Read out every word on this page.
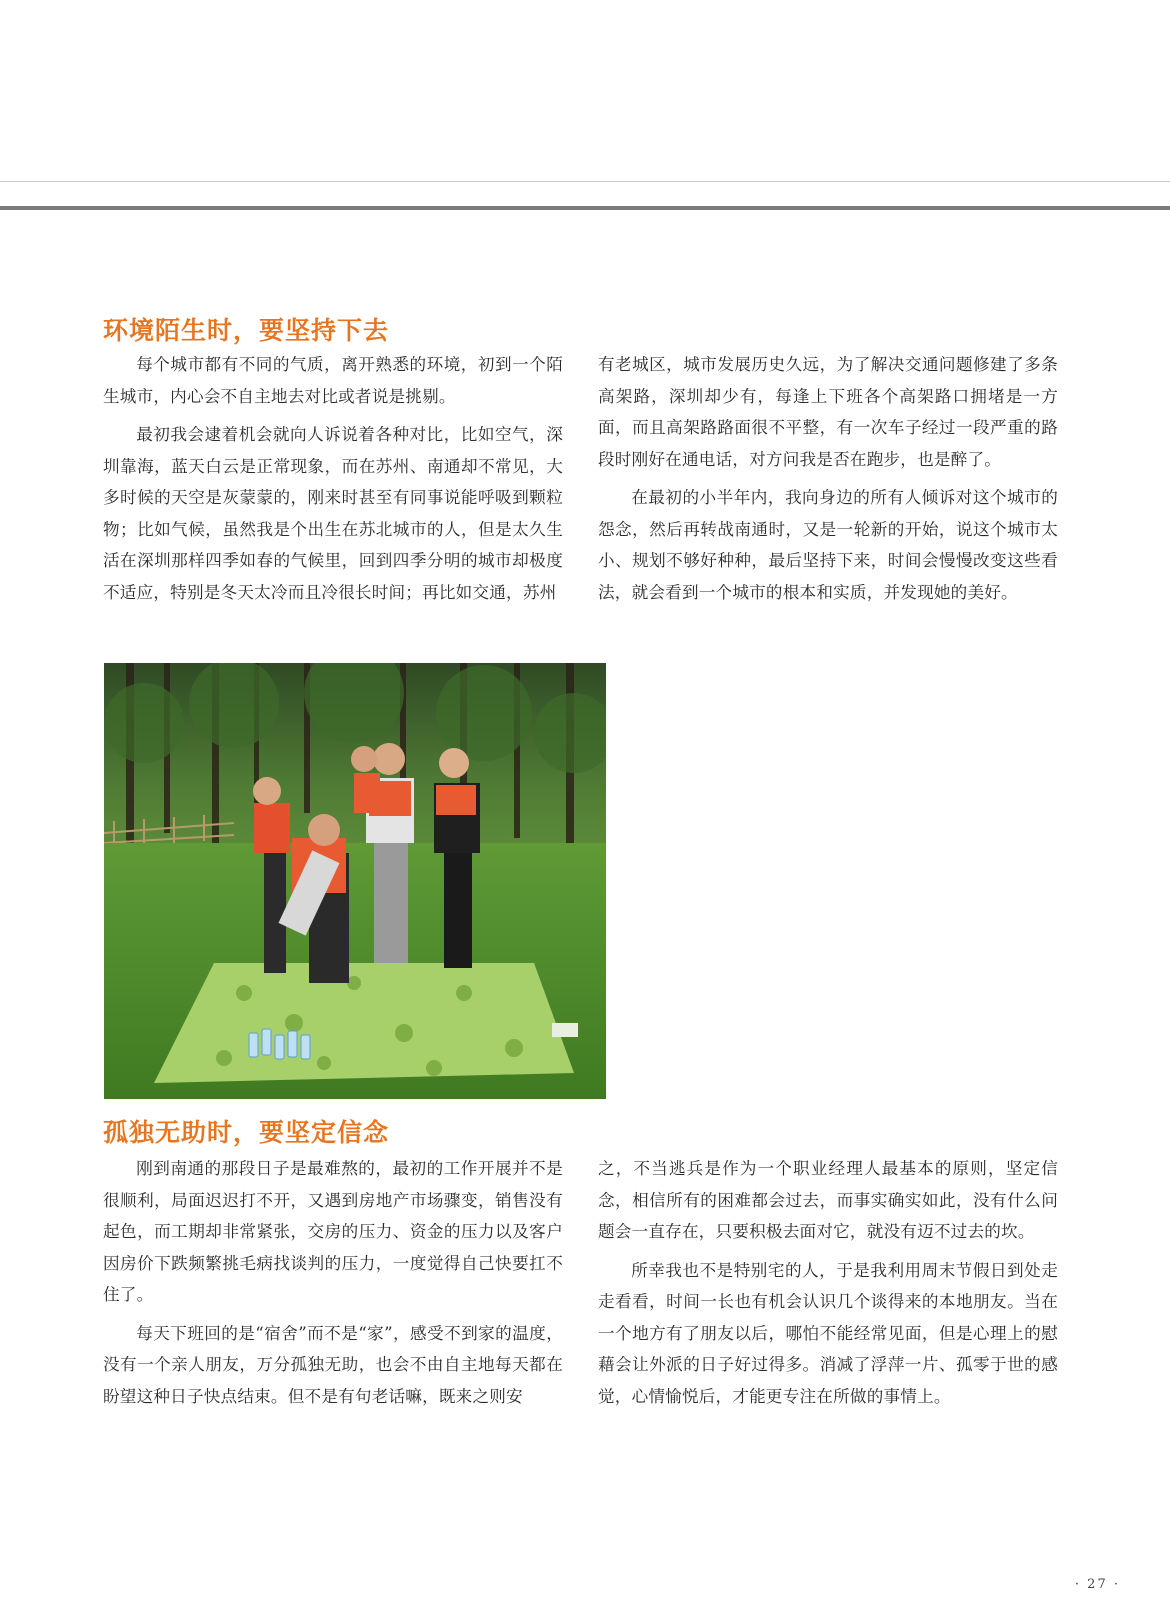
环境陌生时，要坚持下去

每个城市都有不同的气质，离开熟悉的环境，初到一个陌生城市，内心会不自主地去对比或者说是挑剔。

最初我会逮着机会就向人诉说着各种对比，比如空气，深圳靠海，蓝天白云是正常现象，而在苏州、南通却不常见，大多时候的天空是灰蒙蒙的，刚来时甚至有同事说能呼吸到颗粒物；比如气候，虽然我是个出生在苏北城市的人，但是太久生活在深圳那样四季如春的气候里，回到四季分明的城市却极度不适应，特别是冬天太冷而且冷很长时间；再比如交通，苏州

有老城区，城市发展历史久远，为了解决交通问题修建了多条高架路，深圳却少有，每逢上下班各个高架路口拥堵是一方面，而且高架路路面很不平整，有一次车子经过一段严重的路段时刚好在通电话，对方问我是否在跑步，也是醉了。

在最初的小半年内，我向身边的所有人倾诉对这个城市的怨念，然后再转战南通时，又是一轮新的开始，说这个城市太小、规划不够好种种，最后坚持下来，时间会慢慢改变这些看法，就会看到一个城市的根本和实质，并发现她的美好。

孤独无助时，要坚定信念

刚到南通的那段日子是最难熬的，最初的工作开展并不是很顺利，局面迟迟打不开，又遇到房地产市场骤变，销售没有起色，而工期却非常紧张，交房的压力、资金的压力以及客户因房价下跌频繁挑毛病找谈判的压力，一度觉得自己快要扛不住了。

每天下班回的是“宿舍”而不是“家”，感受不到家的温度，没有一个亲人朋友，万分孤独无助，也会不由自主地每天都在盼望这种日子快点结束。但不是有句老话嘛，既来之则安

之，不当逃兵是作为一个职业经理人最基本的原则，坚定信念，相信所有的困难都会过去，而事实确实如此，没有什么问题会一直存在，只要积极去面对它，就没有迈不过去的坎。

所幸我也不是特别宅的人，于是我利用周末节假日到处走走看看，时间一长也有机会认识几个谈得来的本地朋友。当在一个地方有了朋友以后，哪怕不能经常见面，但是心理上的慰藉会让外派的日子好过得多。消减了浮萍一片、孤零于世的感觉，心情愉悦后，才能更专注在所做的事情上。

· 27 ·
